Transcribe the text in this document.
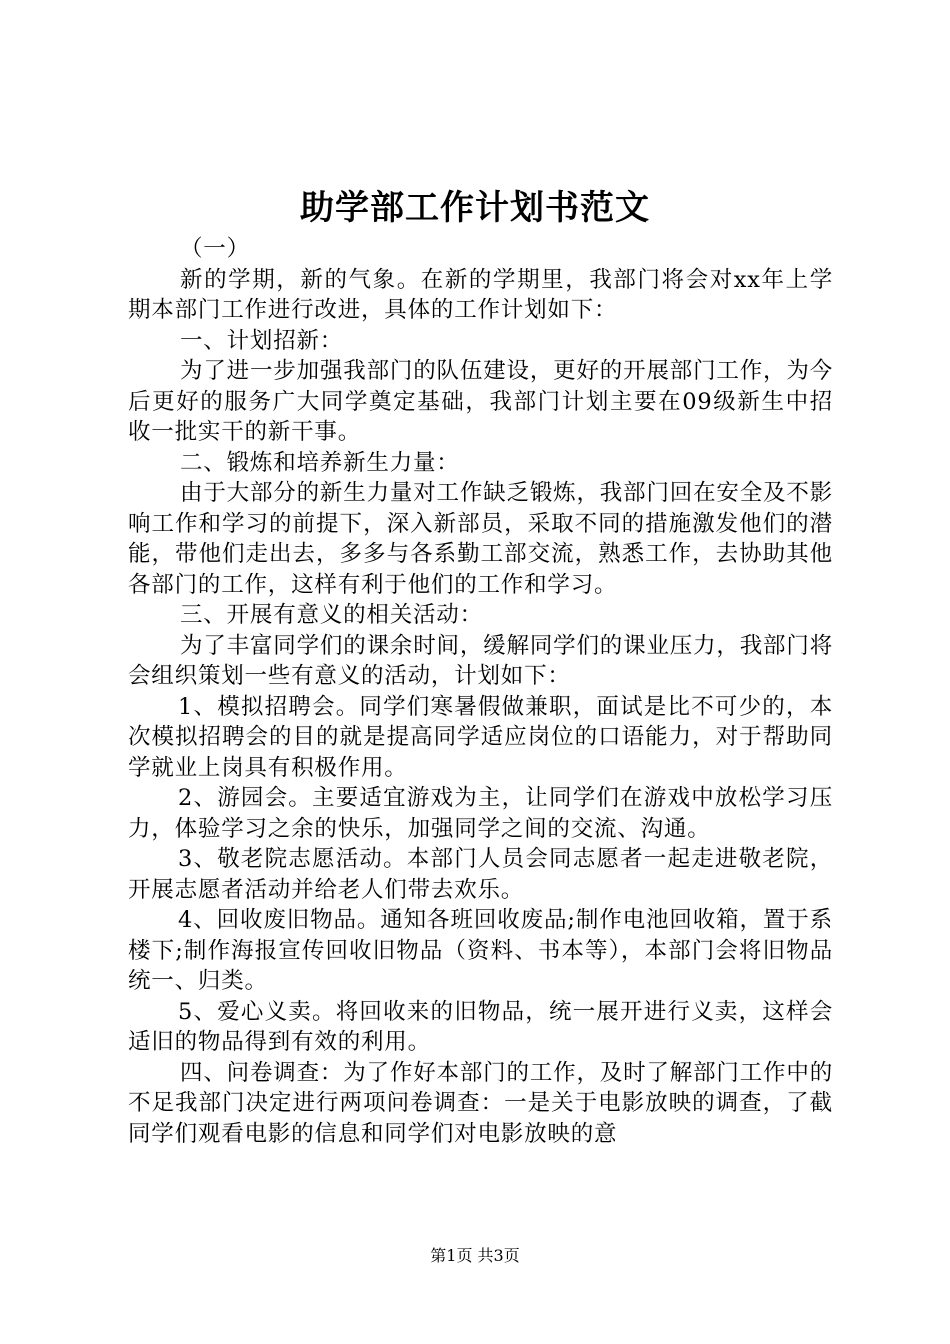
助学部工作计划书范文

（一）

新的学期，新的气象。在新的学期里，我部门将会对xx年上学期本部门工作进行改进，具体的工作计划如下：

一、计划招新：

为了进一步加强我部门的队伍建设，更好的开展部门工作，为今后更好的服务广大同学奠定基础，我部门计划主要在09级新生中招收一批实干的新干事。

二、锻炼和培养新生力量：

由于大部分的新生力量对工作缺乏锻炼，我部门回在安全及不影响工作和学习的前提下，深入新部员，采取不同的措施激发他们的潜能，带他们走出去，多多与各系勤工部交流，熟悉工作，去协助其他各部门的工作，这样有利于他们的工作和学习。

三、开展有意义的相关活动：

为了丰富同学们的课余时间，缓解同学们的课业压力，我部门将会组织策划一些有意义的活动，计划如下：

1、模拟招聘会。同学们寒暑假做兼职，面试是比不可少的，本次模拟招聘会的目的就是提高同学适应岗位的口语能力，对于帮助同学就业上岗具有积极作用。

2、游园会。主要适宜游戏为主，让同学们在游戏中放松学习压力，体验学习之余的快乐，加强同学之间的交流、沟通。

3、敬老院志愿活动。本部门人员会同志愿者一起走进敬老院，开展志愿者活动并给老人们带去欢乐。

4、回收废旧物品。通知各班回收废品;制作电池回收箱，置于系楼下;制作海报宣传回收旧物品（资料、书本等），本部门会将旧物品统一、归类。

5、爱心义卖。将回收来的旧物品，统一展开进行义卖，这样会适旧的物品得到有效的利用。

四、问卷调查：为了作好本部门的工作，及时了解部门工作中的不足我部门决定进行两项问卷调查：一是关于电影放映的调查，了截同学们观看电影的信息和同学们对电影放映的意

第1页 共3页
